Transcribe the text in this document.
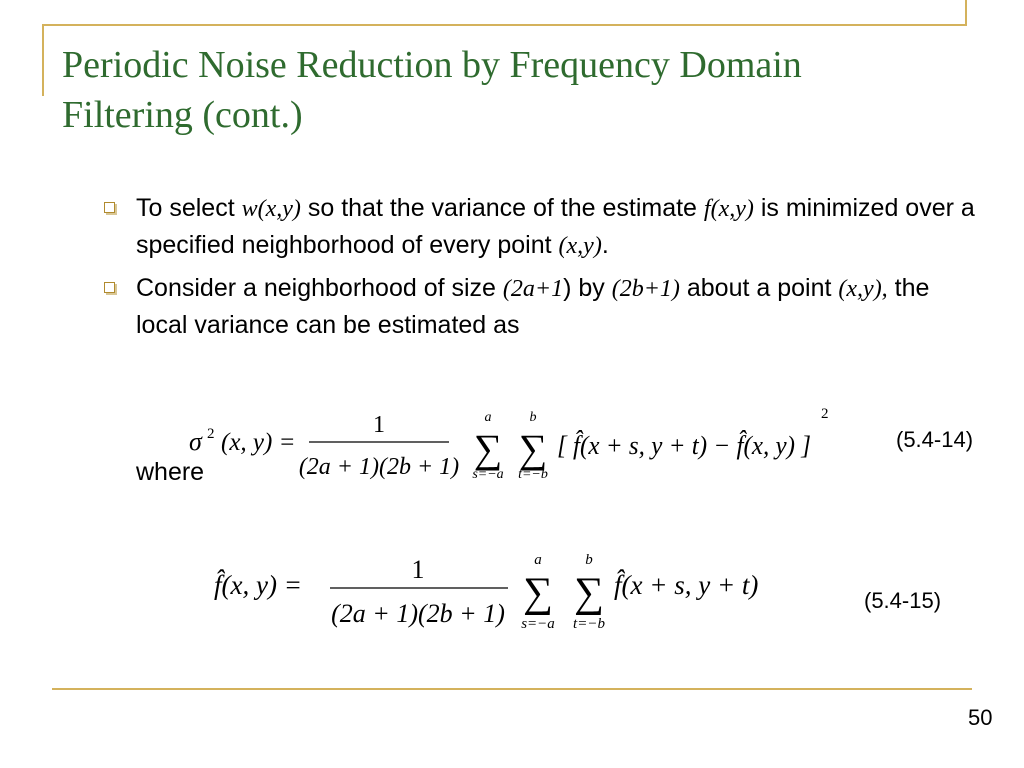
Periodic Noise Reduction by Frequency Domain
Filtering (cont.)
To select w(x,y) so that the variance of the estimate f(x,y) is minimized over a specified neighborhood of every point (x,y).
Consider a neighborhood of size (2a+1) by (2b+1) about a point (x,y), the local variance can be estimated as
σ 2 (x, y) =
1
(2a + 1)(2b + 1)
a
∑
s=−a
b
∑
t=−b
[ f̂(x + s, y + t) − f̂(x, y) ]
2
(5.4-14)
where
f̂(x, y) =
1
(2a + 1)(2b + 1)
a
∑
s=−a
b
∑
t=−b
f̂(x + s, y + t)
(5.4-15)
50
